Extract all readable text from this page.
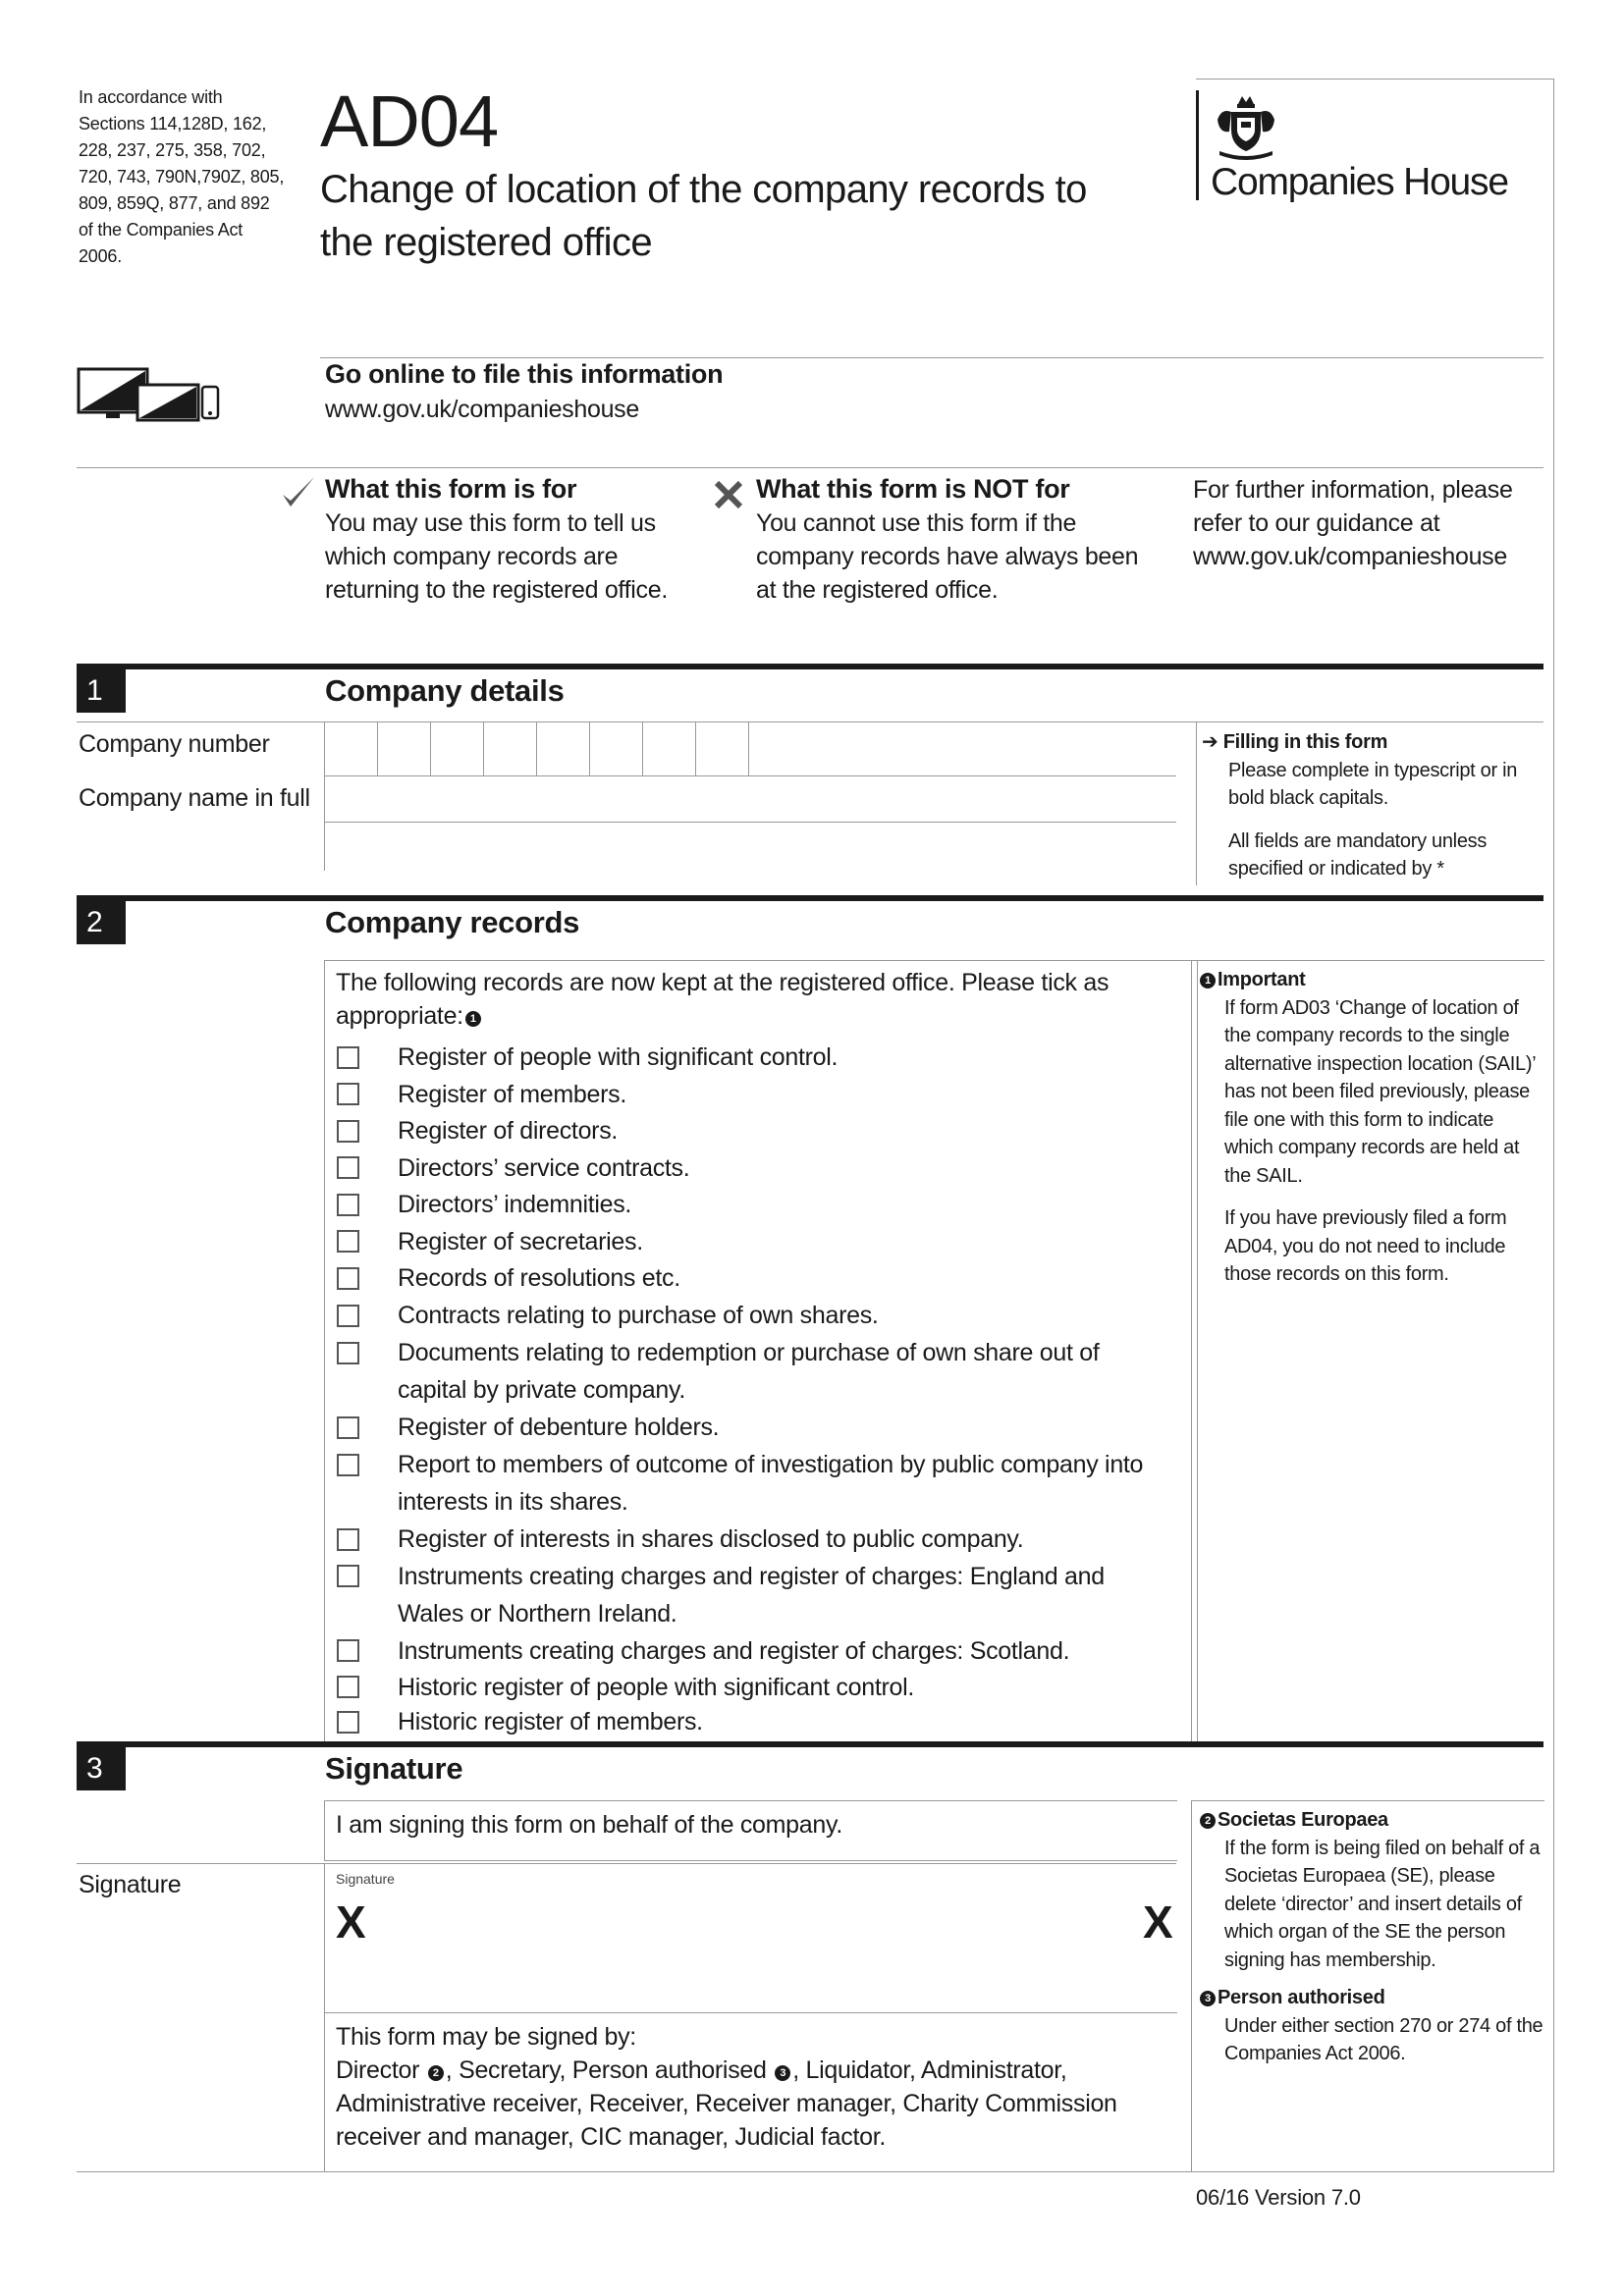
In accordance with Sections 114,128D, 162, 228, 237, 275, 358, 702, 720, 743, 790N,790Z, 805, 809, 859Q, 877, and 892 of the Companies Act 2006.
AD04
Change of location of the company records to the registered office
Companies House
Go online to file this information
www.gov.uk/companieshouse
What this form is for
You may use this form to tell us which company records are returning to the registered office.
What this form is NOT for
You cannot use this form if the company records have always been at the registered office.
For further information, please refer to our guidance at www.gov.uk/companieshouse
1	Company details
Company number
Company name in full
➔ Filling in this form
Please complete in typescript or in bold black capitals.
All fields are mandatory unless specified or indicated by *
2	Company records
The following records are now kept at the registered office. Please tick as appropriate: 1
Register of people with significant control.
Register of members.
Register of directors.
Directors’ service contracts.
Directors’ indemnities.
Register of secretaries.
Records of resolutions etc.
Contracts relating to purchase of own shares.
Documents relating to redemption or purchase of own share out of capital by private company.
Register of debenture holders.
Report to members of outcome of investigation by public company into interests in its shares.
Register of interests in shares disclosed to public company.
Instruments creating charges and register of charges: England and Wales or Northern Ireland.
Instruments creating charges and register of charges: Scotland.
Historic register of people with significant control.
Historic register of members.
1 Important
If form AD03 ‘Change of location of the company records to the single alternative inspection location (SAIL)’ has not been filed previously, please file one with this form to indicate which company records are held at the SAIL.
If you have previously filed a form AD04, you do not need to include those records on this form.
3	Signature
I am signing this form on behalf of the company.
Signature	Signature
X	X
This form may be signed by:
Director 2 , Secretary, Person authorised 3 , Liquidator, Administrator, Administrative receiver, Receiver, Receiver manager, Charity Commission receiver and manager, CIC manager, Judicial factor.
2 Societas Europaea
If the form is being filed on behalf of a Societas Europaea (SE), please delete ‘director’ and insert details of which organ of the SE the person signing has membership.
3 Person authorised
Under either section 270 or 274 of the Companies Act 2006.
06/16 Version 7.0
